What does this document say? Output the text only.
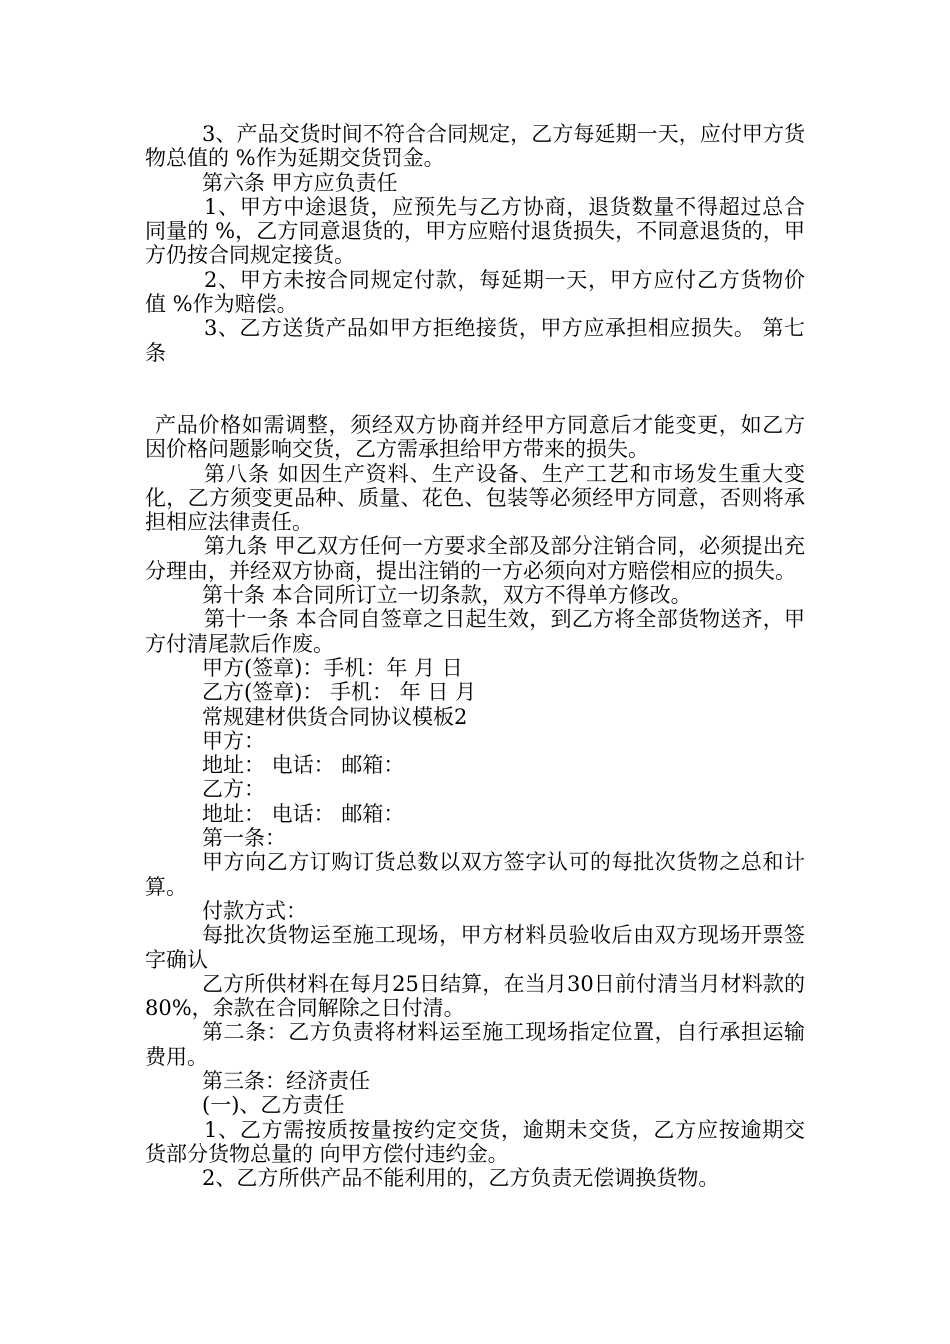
3、产品交货时间不符合合同规定，乙方每延期一天，应付甲方货物总值的 %作为延期交货罚金。

第六条 甲方应负责任

1、甲方中途退货，应预先与乙方协商，退货数量不得超过总合同量的 %，乙方同意退货的，甲方应赔付退货损失，不同意退货的，甲方仍按合同规定接货。

2、甲方未按合同规定付款，每延期一天，甲方应付乙方货物价值 %作为赔偿。

3、乙方送货产品如甲方拒绝接货，甲方应承担相应损失。 第七条

产品价格如需调整，须经双方协商并经甲方同意后才能变更，如乙方因价格问题影响交货，乙方需承担给甲方带来的损失。

第八条 如因生产资料、生产设备、生产工艺和市场发生重大变化，乙方须变更品种、质量、花色、包装等必须经甲方同意，否则将承担相应法律责任。

第九条 甲乙双方任何一方要求全部及部分注销合同，必须提出充分理由，并经双方协商，提出注销的一方必须向对方赔偿相应的损失。

第十条 本合同所订立一切条款，双方不得单方修改。

第十一条 本合同自签章之日起生效，到乙方将全部货物送齐，甲方付清尾款后作废。

甲方(签章)：手机：年 月 日

乙方(签章)： 手机： 年 日 月

常规建材供货合同协议模板2

甲方：

地址： 电话： 邮箱：

乙方：

地址： 电话： 邮箱：

第一条：

甲方向乙方订购订货总数以双方签字认可的每批次货物之总和计算。

付款方式：

每批次货物运至施工现场，甲方材料员验收后由双方现场开票签字确认

乙方所供材料在每月25日结算，在当月30日前付清当月材料款的80%，余款在合同解除之日付清。

第二条：乙方负责将材料运至施工现场指定位置，自行承担运输费用。

第三条：经济责任

(一)、乙方责任

1、乙方需按质按量按约定交货，逾期未交货，乙方应按逾期交货部分货物总量的 向甲方偿付违约金。

2、乙方所供产品不能利用的，乙方负责无偿调换货物。
